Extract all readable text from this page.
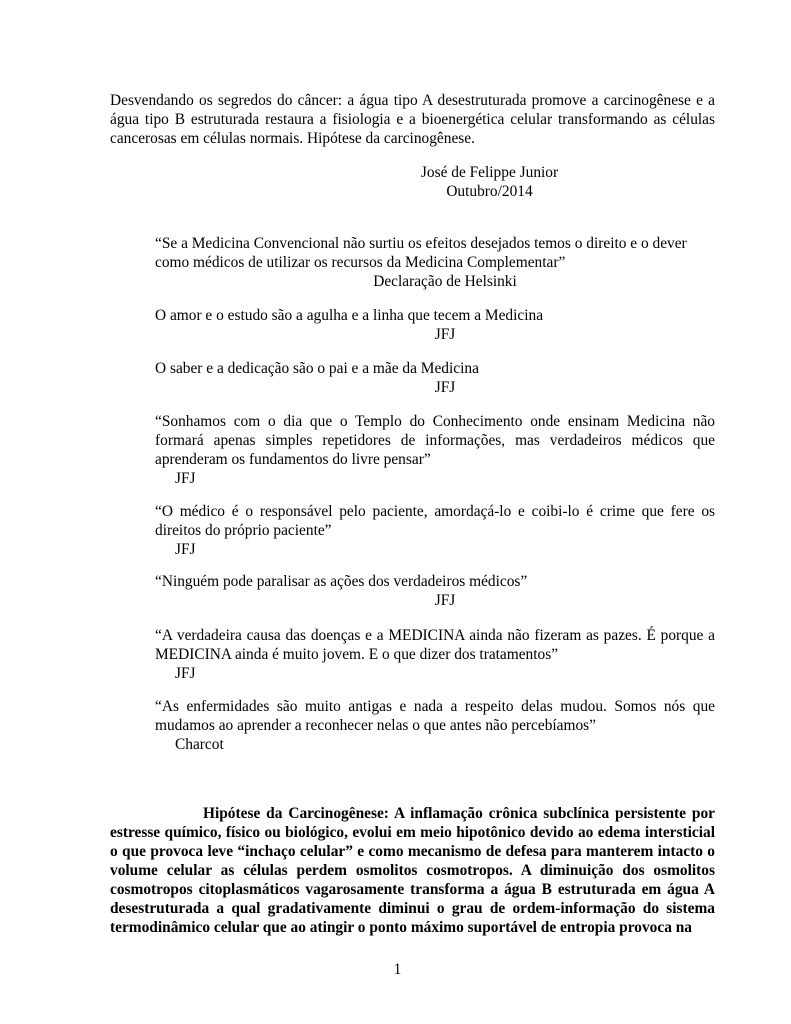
Desvendando os segredos do câncer: a água tipo A desestruturada promove a carcinogênese e a água tipo B estruturada restaura a fisiologia e a bioenergética celular transformando as células cancerosas em células normais. Hipótese da carcinogênese.

José de Felippe Junior
Outubro/2014

“Se a Medicina Convencional não surtiu os efeitos desejados temos o direito e o dever como médicos de utilizar os recursos da Medicina Complementar”

Declaração de Helsinki

O amor e o estudo são a agulha e a linha que tecem a Medicina

JFJ

O saber e a dedicação são o pai e a mãe da Medicina

JFJ

“Sonhamos com o dia que o Templo do Conhecimento onde ensinam Medicina não formará apenas simples repetidores de informações, mas verdadeiros médicos que aprenderam os fundamentos do livre pensar”

JFJ

“O médico é o responsável pelo paciente, amordaçá-lo e coibi-lo é crime que fere os direitos do próprio paciente”

JFJ

“Ninguém pode paralisar as ações dos verdadeiros médicos”

JFJ

“A verdadeira causa das doenças e a MEDICINA ainda não fizeram as pazes. É porque a MEDICINA ainda é muito jovem. E o que dizer dos tratamentos”

JFJ

“As enfermidades são muito antigas e nada a respeito delas mudou. Somos nós que mudamos ao aprender a reconhecer nelas o que antes não percebíamos”

Charcot

Hipótese da Carcinogênese: A inflamação crônica subclínica persistente por estresse químico, físico ou biológico, evolui em meio hipotônico devido ao edema intersticial o que provoca leve “inchaço celular” e como mecanismo de defesa para manterem intacto o volume celular as células perdem osmolitos cosmotropos. A diminuição dos osmolitos cosmotropos citoplasmáticos vagarosamente transforma a água B estruturada em água A desestruturada a qual gradativamente diminui o grau de ordem-informação do sistema termodinâmico celular que ao atingir o ponto máximo suportável de entropia provoca na

1
